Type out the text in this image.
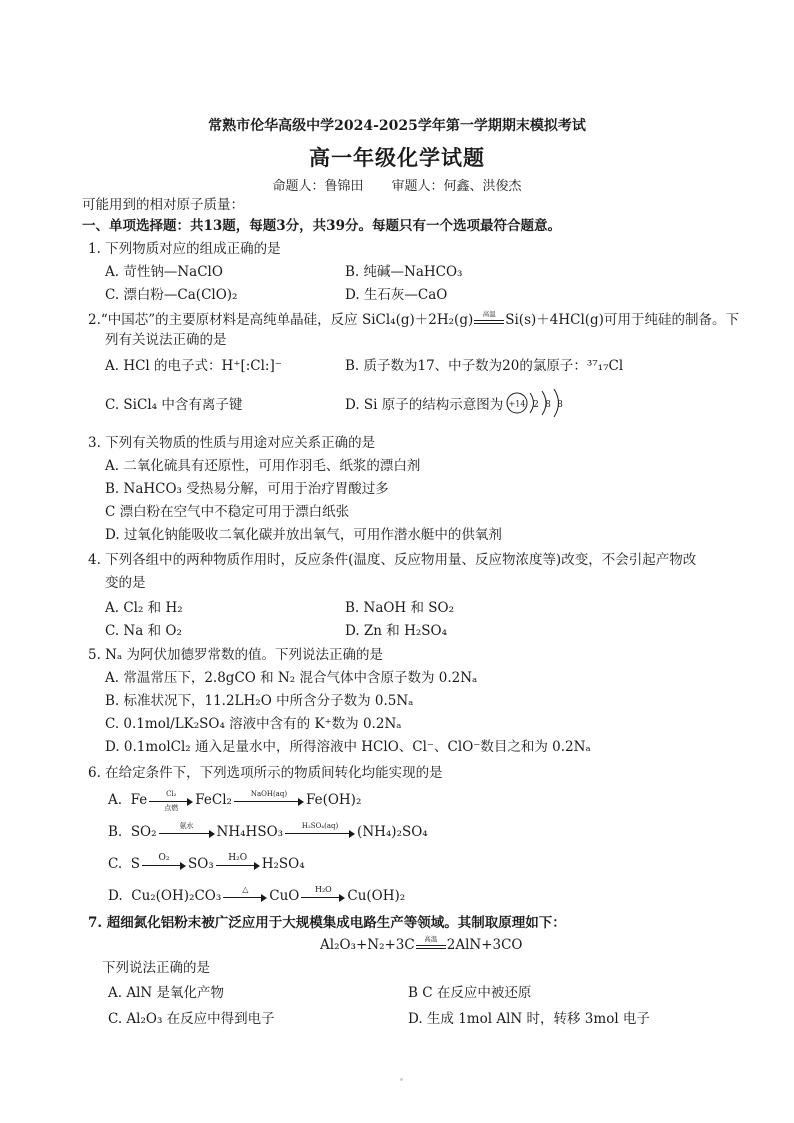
常熟市伦华高级中学2024-2025学年第一学期期末模拟考试
高一年级化学试题
命题人：鲁锦田 审题人：何鑫、洪俊杰
可能用到的相对原子质量：
一、单项选择题：共13题，每题3分，共39分。每题只有一个选项最符合题意。
1. 下列物质对应的组成正确的是
A. 苛性钠—NaClO	B. 纯碱—NaHCO₃
C. 漂白粉—Ca(ClO)₂	D. 生石灰—CaO
2.“中国芯”的主要原材料是高纯单晶硅，反应 SiCl₄(g)＋2H₂(g)	高温 Si(s)＋4HCl(g)可用于纯硅的制备。下
列有关说法正确的是
A. HCl 的电子式：H⁺[:Cl:]⁻	B. 质子数为17、中子数为20的氯原子：³⁷₁₇Cl
C. SiCl₄ 中含有离子键	D. Si 原子的结构示意图为 +14 2 8 8
3. 下列有关物质的性质与用途对应关系正确的是
A. 二氧化硫具有还原性，可用作羽毛、纸浆的漂白剂
B. NaHCO₃ 受热易分解，可用于治疗胃酸过多
C 漂白粉在空气中不稳定可用于漂白纸张
D. 过氧化钠能吸收二氧化碳并放出氧气，可用作潜水艇中的供氧剂
4. 下列各组中的两种物质作用时，反应条件(温度、反应物用量、反应物浓度等)改变，不会引起产物改
变的是
A. Cl₂ 和 H₂	B. NaOH 和 SO₂
C. Na 和 O₂	D. Zn 和 H₂SO₄
5. Nₐ 为阿伏加德罗常数的值。下列说法正确的是
A. 常温常压下，2.8gCO 和 N₂ 混合气体中含原子数为 0.2Nₐ
B. 标准状况下，11.2LH₂O 中所含分子数为 0.5Nₐ
C. 0.1mol/LK₂SO₄ 溶液中含有的 K⁺数为 0.2Nₐ
D. 0.1molCl₂ 通入足量水中，所得溶液中 HClO、Cl⁻、ClO⁻数目之和为 0.2Nₐ
6. 在给定条件下，下列选项所示的物质间转化均能实现的是
A. Fe	Cl₂
点燃	FeCl₂	NaOH(aq)	Fe(OH)₂
B. SO₂	氨水	NH₄HSO₃	H₂SO₄(aq)	(NH₄)₂SO₄
C. S	O₂	SO₃	H₂O	H₂SO₄
D. Cu₂(OH)₂CO₃	△	CuO	H₂O	Cu(OH)₂
7. 超细氮化铝粉末被广泛应用于大规模集成电路生产等领域。其制取原理如下：
Al₂O₃+N₂+3C	高温 2AlN+3CO
下列说法正确的是
A. AlN 是氧化产物	B C 在反应中被还原
C. Al₂O₃ 在反应中得到电子	D. 生成 1mol AlN 时，转移 3mol 电子
